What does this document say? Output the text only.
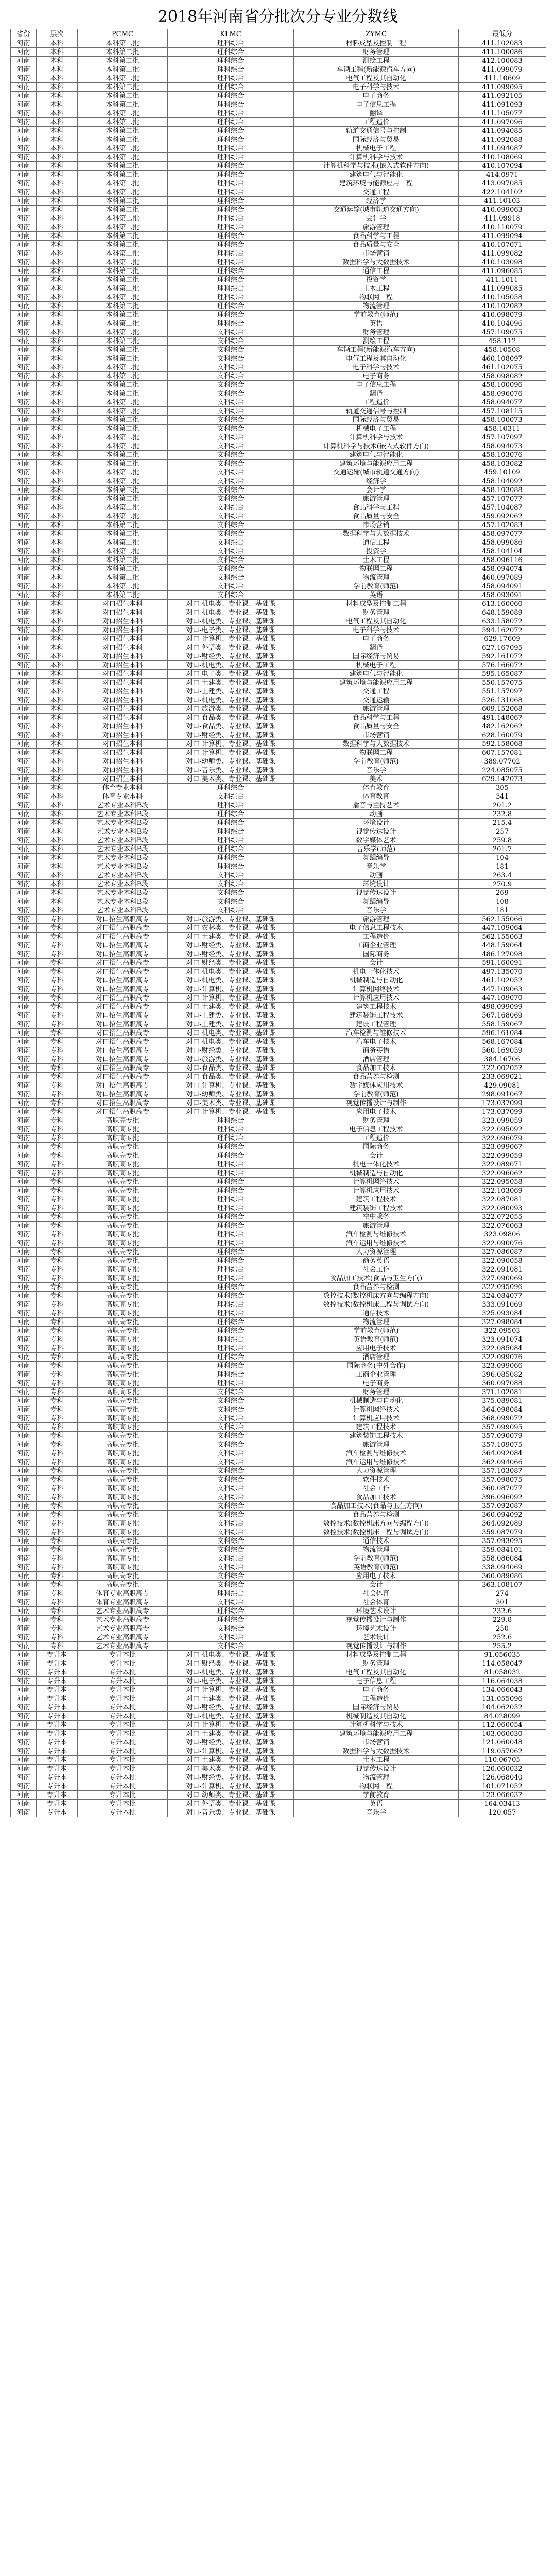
2018年河南省分批次分专业分数线
省份	层次	PCMC	KLMC	ZYMC	最低分
河南	本科	本科第二批	理科综合	材料成型及控制工程	411.102083
河南	本科	本科第二批	理科综合	财务管理	411.100086
河南	本科	本科第二批	理科综合	测绘工程	412.100083
河南	本科	本科第二批	理科综合	车辆工程(新能源汽车方向)	411.099079
河南	本科	本科第二批	理科综合	电气工程及其自动化	411.10609
河南	本科	本科第二批	理科综合	电子科学与技术	411.099095
河南	本科	本科第二批	理科综合	电子商务	411.092105
河南	本科	本科第二批	理科综合	电子信息工程	411.091093
河南	本科	本科第二批	理科综合	翻译	411.105077
河南	本科	本科第二批	理科综合	工程造价	411.097096
河南	本科	本科第二批	理科综合	轨道交通信号与控制	411.094085
河南	本科	本科第二批	理科综合	国际经济与贸易	411.092088
河南	本科	本科第二批	理科综合	机械电子工程	411.094087
河南	本科	本科第二批	理科综合	计算机科学与技术	410.108069
河南	本科	本科第二批	理科综合	计算机科学与技术(嵌入式软件方向)	410.107094
河南	本科	本科第二批	理科综合	建筑电气与智能化	414.0971
河南	本科	本科第二批	理科综合	建筑环境与能源应用工程	413.097085
河南	本科	本科第二批	理科综合	交通工程	422.104102
河南	本科	本科第二批	理科综合	经济学	411.10103
河南	本科	本科第二批	理科综合	交通运输(城市轨道交通方向)	410.099063
河南	本科	本科第二批	理科综合	会计学	411.09918
河南	本科	本科第二批	理科综合	旅游管理	410.110079
河南	本科	本科第二批	理科综合	食品科学与工程	411.099094
河南	本科	本科第二批	理科综合	食品质量与安全	410.107071
河南	本科	本科第二批	理科综合	市场营销	411.099082
河南	本科	本科第二批	理科综合	数据科学与大数据技术	410.103098
河南	本科	本科第二批	理科综合	通信工程	411.096085
河南	本科	本科第二批	理科综合	投资学	411.1011
河南	本科	本科第二批	理科综合	土木工程	411.099085
河南	本科	本科第二批	理科综合	物联网工程	410.105058
河南	本科	本科第二批	理科综合	物流管理	410.102082
河南	本科	本科第二批	理科综合	学前教育(师范)	410.098079
河南	本科	本科第二批	理科综合	英语	410.104096
河南	本科	本科第二批	文科综合	财务管理	457.109075
河南	本科	本科第二批	文科综合	测绘工程	458.112
河南	本科	本科第二批	文科综合	车辆工程(新能源汽车方向)	458.10508
河南	本科	本科第二批	文科综合	电气工程及其自动化	460.108097
河南	本科	本科第二批	文科综合	电子科学与技术	461.102075
河南	本科	本科第二批	文科综合	电子商务	458.098082
河南	本科	本科第二批	文科综合	电子信息工程	458.100096
河南	本科	本科第二批	文科综合	翻译	458.096076
河南	本科	本科第二批	文科综合	工程造价	458.094077
河南	本科	本科第二批	文科综合	轨道交通信号与控制	457.108115
河南	本科	本科第二批	文科综合	国际经济与贸易	458.100073
河南	本科	本科第二批	文科综合	机械电子工程	458.10311
河南	本科	本科第二批	文科综合	计算机科学与技术	457.107097
河南	本科	本科第二批	文科综合	计算机科学与技术(嵌入式软件方向)	458.094073
河南	本科	本科第二批	文科综合	建筑电气与智能化	458.103076
河南	本科	本科第二批	文科综合	建筑环境与能源应用工程	458.103082
河南	本科	本科第二批	文科综合	交通运输(城市轨道交通方向)	459.10109
河南	本科	本科第二批	文科综合	经济学	458.104092
河南	本科	本科第二批	文科综合	会计学	458.103088
河南	本科	本科第二批	文科综合	旅游管理	457.107077
河南	本科	本科第二批	文科综合	食品科学与工程	457.104087
河南	本科	本科第二批	文科综合	食品质量与安全	459.092062
河南	本科	本科第二批	文科综合	市场营销	457.102083
河南	本科	本科第二批	文科综合	数据科学与大数据技术	458.097077
河南	本科	本科第二批	文科综合	通信工程	458.099086
河南	本科	本科第二批	文科综合	投资学	458.104104
河南	本科	本科第二批	文科综合	土木工程	458.096116
河南	本科	本科第二批	文科综合	物联网工程	458.094074
河南	本科	本科第二批	文科综合	物流管理	460.097089
河南	本科	本科第二批	文科综合	学前教育(师范)	458.094091
河南	本科	本科第二批	文科综合	英语	458.093091
河南	本科	对口招生本科	对口-机电类、专业课、基础课	材料成型及控制工程	613.160060
河南	本科	对口招生本科	对口-机电类、专业课、基础课	财务管理	648.159089
河南	本科	对口招生本科	对口-机电类、专业课、基础课	电气工程及其自动化	633.158072
河南	本科	对口招生本科	对口-电子类、专业课、基础课	电子科学与技术	594.162072
河南	本科	对口招生本科	对口-计算机、专业课、基础课	电子商务	629.17609
河南	本科	对口招生本科	对口-外语类、专业课、基础课	翻译	627.167095
河南	本科	对口招生本科	对口-财经类、专业课、基础课	国际经济与贸易	592.161072
河南	本科	对口招生本科	对口-机电类、专业课、基础课	机械电子工程	576.166072
河南	本科	对口招生本科	对口-电子类、专业课、基础课	建筑电气与智能化	595.165087
河南	本科	对口招生本科	对口-土建类、专业课、基础课	建筑环境与能源应用工程	550.157075
河南	本科	对口招生本科	对口-土建类、专业课、基础课	交通工程	551.157097
河南	本科	对口招生本科	对口-机电类、专业课、基础课	交通运输	526.131068
河南	本科	对口招生本科	对口-旅游类、专业课、基础课	旅游管理	609.152068
河南	本科	对口招生本科	对口-食品类、专业课、基础课	食品科学与工程	491.148067
河南	本科	对口招生本科	对口-食品类、专业课、基础课	食品质量与安全	482.162062
河南	本科	对口招生本科	对口-财经类、专业课、基础课	市场营销	628.160079
河南	本科	对口招生本科	对口-计算机、专业课、基础课	数据科学与大数据技术	592.158068
河南	本科	对口招生本科	对口-计算机、专业课、基础课	物联网工程	607.157081
河南	本科	对口招生本科	对口-幼师类、专业课、基础课	学前教育(师范)	389.07702
河南	本科	对口招生本科	对口-音乐类、专业课、基础课	音乐学	224.085075
河南	本科	对口招生本科	对口-美术类、专业课、基础课	美术	629.142073
河南	本科	体育专业本科	理科综合	体育教育	305
河南	本科	体育专业本科	文科综合	体育教育	341
河南	本科	艺术专业本科B段	理科综合	播音与主持艺术	201.2
河南	本科	艺术专业本科B段	理科综合	动画	232.8
河南	本科	艺术专业本科B段	理科综合	环境设计	215.4
河南	本科	艺术专业本科B段	理科综合	视觉传达设计	257
河南	本科	艺术专业本科B段	理科综合	数字媒体艺术	259.8
河南	本科	艺术专业本科B段	理科综合	音乐学(师范)	201.7
河南	本科	艺术专业本科B段	理科综合	舞蹈编导	104
河南	本科	艺术专业本科B段	理科综合	音乐学	181
河南	本科	艺术专业本科B段	文科综合	动画	263.4
河南	本科	艺术专业本科B段	文科综合	环境设计	270.9
河南	本科	艺术专业本科B段	文科综合	视觉传达设计	269
河南	本科	艺术专业本科B段	文科综合	舞蹈编导	108
河南	本科	艺术专业本科B段	文科综合	音乐学	181
河南	专科	对口招生高职高专	对口-旅游类、专业课、基础课	旅游管理	562.155066
河南	专科	对口招生高职高专	对口-农林类、专业课、基础课	电子信息工程技术	447.109064
河南	专科	对口招生高职高专	对口-土建类、专业课、基础课	工程造价	562.155063
河南	专科	对口招生高职高专	对口-财经类、专业课、基础课	工商企业管理	448.159064
河南	专科	对口招生高职高专	对口-财经类、专业课、基础课	国际商务	486.127098
河南	专科	对口招生高职高专	对口-财经类、专业课、基础课	会计	591.160091
河南	专科	对口招生高职高专	对口-机电类、专业课、基础课	机电一体化技术	497.135070
河南	专科	对口招生高职高专	对口-机电类、专业课、基础课	机械制造与自动化	461.102052
河南	专科	对口招生高职高专	对口-计算机、专业课、基础课	计算机网络技术	447.109063
河南	专科	对口招生高职高专	对口-计算机、专业课、基础课	计算机应用技术	447.109070
河南	专科	对口招生高职高专	对口-土建类、专业课、基础课	建筑工程技术	498.099099
河南	专科	对口招生高职高专	对口-土建类、专业课、基础课	建筑装饰工程技术	567.168069
河南	专科	对口招生高职高专	对口-土建类、专业课、基础课	建设工程管理	558.159067
河南	专科	对口招生高职高专	对口-机电类、专业课、基础课	汽车检测与维修技术	596.161084
河南	专科	对口招生高职高专	对口-机电类、专业课、基础课	汽车电子技术	568.167084
河南	专科	对口招生高职高专	对口-财经类、专业课、基础课	商务英语	560.169059
河南	专科	对口招生高职高专	对口-旅游类、专业课、基础课	酒店管理	384.16706
河南	专科	对口招生高职高专	对口-食品类、专业课、基础课	食品加工技术	222.002052
河南	专科	对口招生高职高专	对口-食品类、专业课、基础课	食品营养与检测	233.069021
河南	专科	对口招生高职高专	对口-计算机、专业课、基础课	数字媒体应用技术	429.09081
河南	专科	对口招生高职高专	对口-幼师类、专业课、基础课	学前教育(师范)	298.091067
河南	专科	对口招生高职高专	对口-美术类、专业课、基础课	视觉传播设计与制作	173.037099
河南	专科	对口招生高职高专	对口-计算机、专业课、基础课	应用电子技术	173.037099
河南	专科	高职高专批	理科综合	财务管理	323.099059
河南	专科	高职高专批	理科综合	电子信息工程技术	322.095092
河南	专科	高职高专批	理科综合	工程造价	322.096079
河南	专科	高职高专批	理科综合	国际商务	323.099067
河南	专科	高职高专批	理科综合	会计	322.099059
河南	专科	高职高专批	理科综合	机电一体化技术	322.089071
河南	专科	高职高专批	理科综合	机械制造与自动化	322.096062
河南	专科	高职高专批	理科综合	计算机网络技术	322.095058
河南	专科	高职高专批	理科综合	计算机应用技术	322.103069
河南	专科	高职高专批	理科综合	建筑工程技术	322.087081
河南	专科	高职高专批	理科综合	建筑装饰工程技术	322.080093
河南	专科	高职高专批	理科综合	空中乘务	322.072055
河南	专科	高职高专批	理科综合	旅游管理	322.076063
河南	专科	高职高专批	理科综合	汽车检测与维修技术	323.09806
河南	专科	高职高专批	理科综合	汽车运用与维修技术	322.090076
河南	专科	高职高专批	理科综合	人力资源管理	327.086087
河南	专科	高职高专批	理科综合	商务英语	322.090058
河南	专科	高职高专批	理科综合	社会工作	322.091081
河南	专科	高职高专批	理科综合	食品加工技术(食品与卫生方向)	327.090069
河南	专科	高职高专批	理科综合	食品营养与检测	322.095096
河南	专科	高职高专批	理科综合	数控技术(数控机床方向与编程方向)	324.084077
河南	专科	高职高专批	理科综合	数控技术(数控机床工程与调试方向)	333.091069
河南	专科	高职高专批	理科综合	通信技术	325.093084
河南	专科	高职高专批	理科综合	物流管理	327.098084
河南	专科	高职高专批	理科综合	学前教育(师范)	322.09503
河南	专科	高职高专批	理科综合	英语教育(师范)	323.091074
河南	专科	高职高专批	理科综合	应用电子技术	322.085084
河南	专科	高职高专批	理科综合	酒店管理	322.099076
河南	专科	高职高专批	理科综合	国际商务(中外合作)	323.099066
河南	专科	高职高专批	理科综合	工商企业管理	396.085082
河南	专科	高职高专批	理科综合	电子商务	360.097088
河南	专科	高职高专批	文科综合	财务管理	371.102081
河南	专科	高职高专批	文科综合	机械制造与自动化	375.089081
河南	专科	高职高专批	文科综合	计算机网络技术	364.098084
河南	专科	高职高专批	文科综合	计算机应用技术	368.099072
河南	专科	高职高专批	文科综合	建筑工程技术	357.099095
河南	专科	高职高专批	文科综合	建筑装饰工程技术	357.090079
河南	专科	高职高专批	文科综合	旅游管理	357.109075
河南	专科	高职高专批	文科综合	汽车检测与维修技术	364.092084
河南	专科	高职高专批	文科综合	汽车运用与维修技术	362.094066
河南	专科	高职高专批	文科综合	人力资源管理	357.103087
河南	专科	高职高专批	文科综合	软件技术	357.098075
河南	专科	高职高专批	文科综合	社会工作	360.087077
河南	专科	高职高专批	文科综合	食品加工技术	396.096092
河南	专科	高职高专批	文科综合	食品加工技术(食品与卫生方向)	357.092087
河南	专科	高职高专批	文科综合	食品营养与检测	360.094092
河南	专科	高职高专批	文科综合	数控技术(数控机床方向与编程方向)	364.092089
河南	专科	高职高专批	文科综合	数控技术(数控机床工程与调试方向)	359.087079
河南	专科	高职高专批	文科综合	通信技术	357.093095
河南	专科	高职高专批	文科综合	物流管理	359.084101
河南	专科	高职高专批	文科综合	学前教育(师范)	358.086084
河南	专科	高职高专批	文科综合	英语教育(师范)	338.094069
河南	专科	高职高专批	文科综合	应用电子技术	360.089086
河南	专科	高职高专批	文科综合	会计	363.108107
河南	专科	体育专业高职高专	理科综合	社会体育	274
河南	专科	体育专业高职高专	文科综合	社会体育	301
河南	专科	艺术专业高职高专	理科综合	环境艺术设计	232.6
河南	专科	艺术专业高职高专	理科综合	视觉传播设计与制作	229.8
河南	专科	艺术专业高职高专	文科综合	环境艺术设计	250
河南	专科	艺术专业高职高专	文科综合	艺术设计	252.6
河南	专科	艺术专业高职高专	文科综合	视觉传播设计与制作	255.2
河南	专升本	专升本批	对口-机电类、专业课、基础课	材料成型及控制工程	91.056035
河南	专升本	专升本批	对口-财经类、专业课、基础课	财务管理	114.058047
河南	专升本	专升本批	对口-机电类、专业课、基础课	电气工程及其自动化	81.058032
河南	专升本	专升本批	对口-电子类、专业课、基础课	电子信息工程	116.064038
河南	专升本	专升本批	对口-计算机、专业课、基础课	电子商务	134.066043
河南	专升本	专升本批	对口-土建类、专业课、基础课	工程造价	131.055096
河南	专升本	专升本批	对口-财经类、专业课、基础课	国际经济与贸易	104.062052
河南	专升本	专升本批	对口-机电类、专业课、基础课	机械制造及其自动化	84.028099
河南	专升本	专升本批	对口-计算机、专业课、基础课	计算机科学与技术	112.060054
河南	专升本	专升本批	对口-土建类、专业课、基础课	建筑环境与能源应用工程	103.060030
河南	专升本	专升本批	对口-财经类、专业课、基础课	市场营销	121.060048
河南	专升本	专升本批	对口-计算机、专业课、基础课	数据科学与大数据技术	119.057062
河南	专升本	专升本批	对口-土建类、专业课、基础课	土木工程	110.06705
河南	专升本	专升本批	对口-美术类、专业课、基础课	视觉传达设计	120.060032
河南	专升本	专升本批	对口-财经类、专业课、基础课	物流管理	126.068040
河南	专升本	专升本批	对口-计算机、专业课、基础课	物联网工程	101.071052
河南	专升本	专升本批	对口-幼师类、专业课、基础课	学前教育	123.066037
河南	专升本	专升本批	对口-外语类、专业课、基础课	英语	164.03413
河南	专升本	专升本批	对口-音乐类、专业课、基础课	音乐学	120.057
